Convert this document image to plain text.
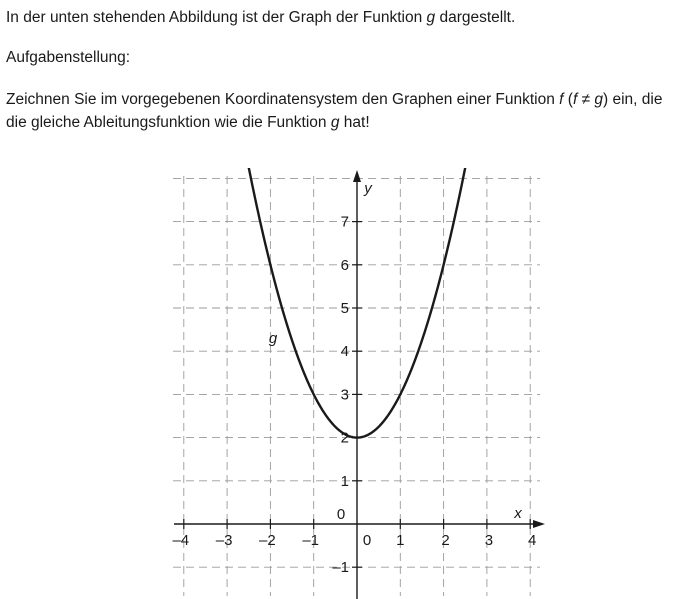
In der unten stehenden Abbildung ist der Graph der Funktion g dargestellt.

Aufgabenstellung:

Zeichnen Sie im vorgegebenen Koordinatensystem den Graphen einer Funktion f (f ≠ g) ein, die
die gleiche Ableitungsfunktion wie die Funktion g hat!

–4 –3 –2 –1
0
1 2 3 4
0
–1
1
2
3
4
5
6
7
x
y
g
